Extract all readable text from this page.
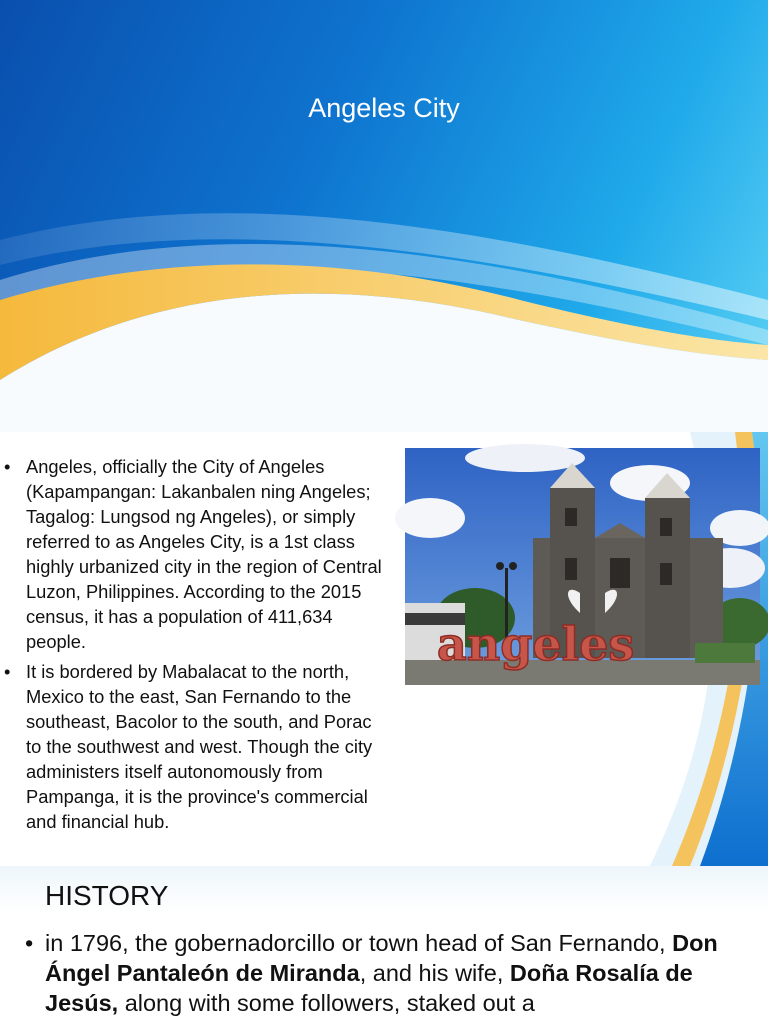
Angeles City
• Angeles, officially the City of Angeles (Kapampangan: Lakanbalen ning Angeles; Tagalog: Lungsod ng Angeles), or simply referred to as Angeles City, is a 1st class highly urbanized city in the region of Central Luzon, Philippines. According to the 2015 census, it has a population of 411,634 people.
• It is bordered by Mabalacat to the north, Mexico to the east, San Fernando to the southeast, Bacolor to the south, and Porac to the southwest and west. Though the city administers itself autonomously from Pampanga, it is the province's commercial and financial hub.
angeles
HISTORY
• in 1796, the gobernadorcillo or town head of San Fernando, Don Ángel Pantaleón de Miranda, and his wife, Doña Rosalía de Jesús, along with some followers, staked out a
